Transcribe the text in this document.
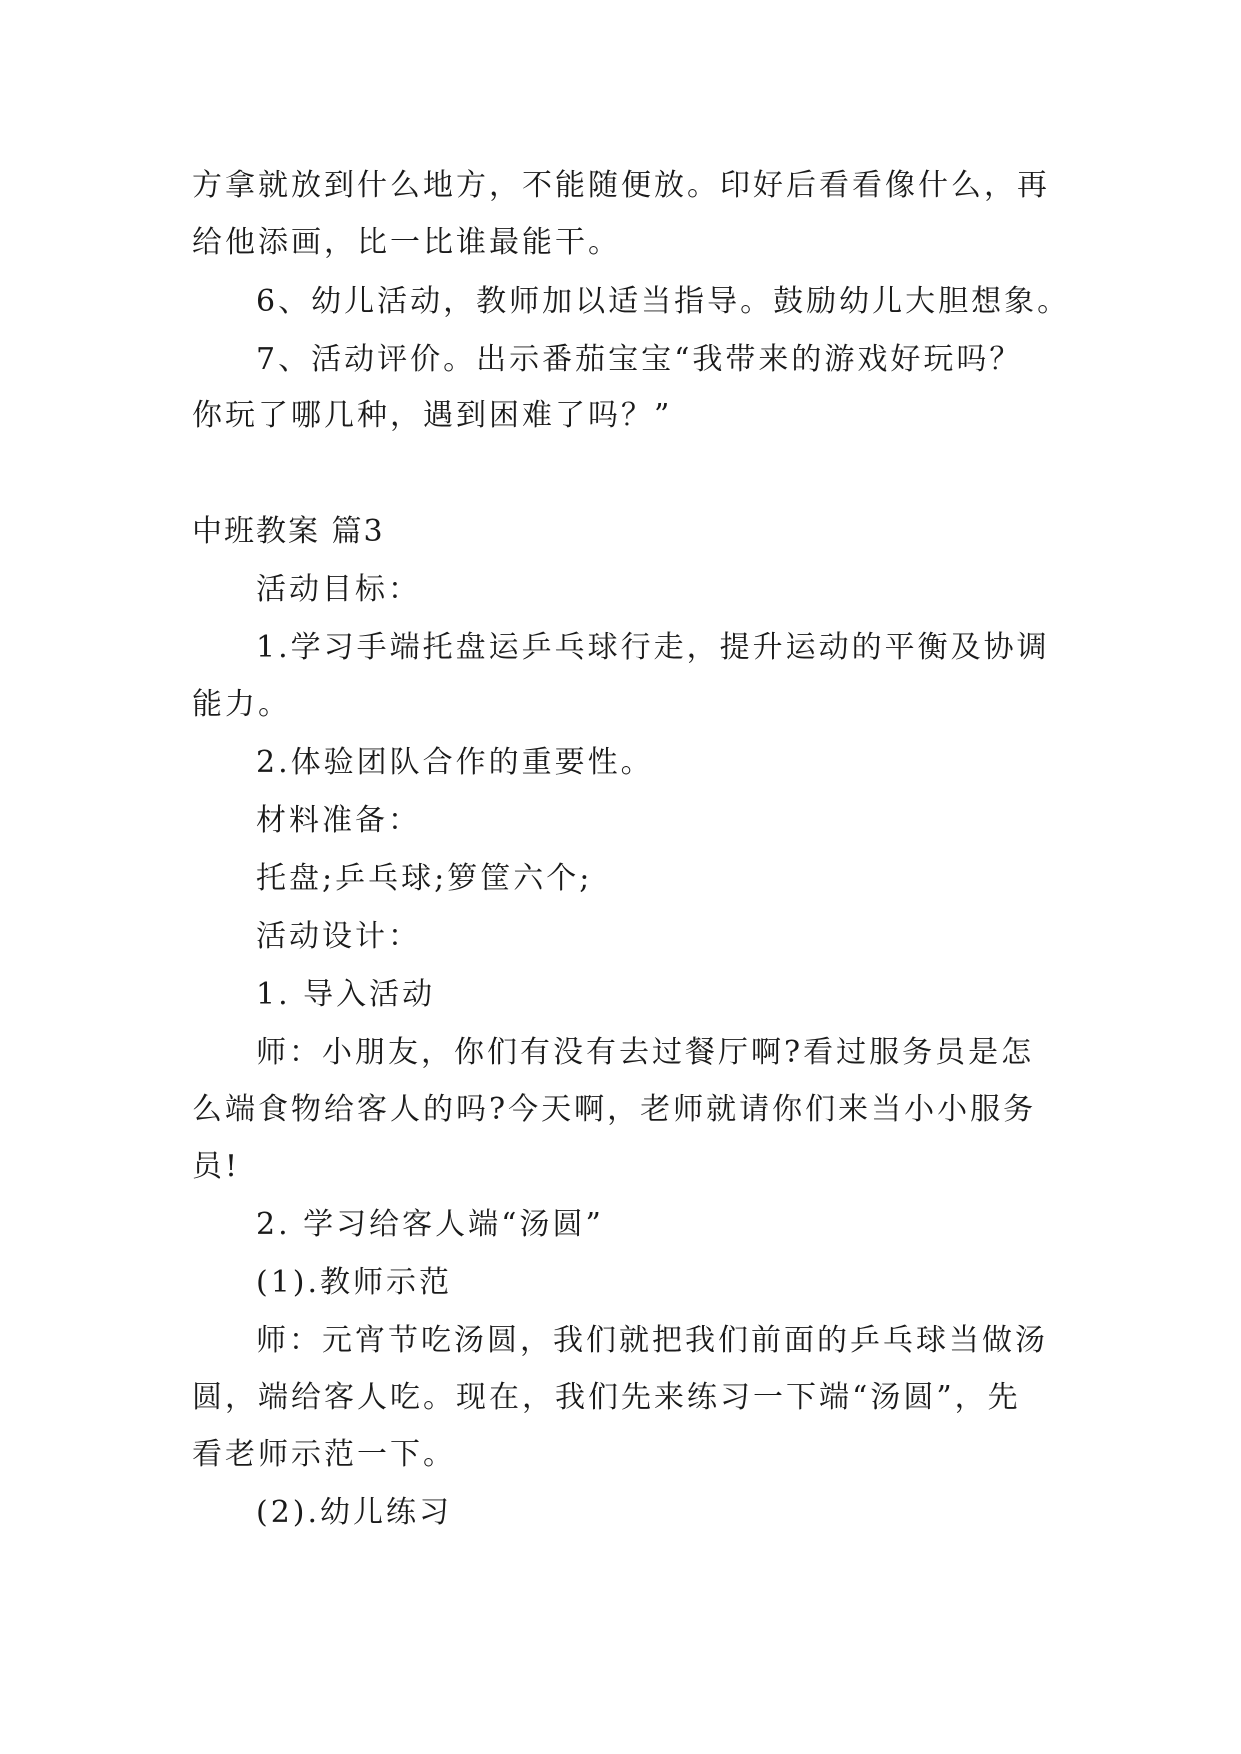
方拿就放到什么地方，不能随便放。印好后看看像什么，再
给他添画，比一比谁最能干。
6、幼儿活动，教师加以适当指导。鼓励幼儿大胆想象。
7、活动评价。出示番茄宝宝“我带来的游戏好玩吗？
你玩了哪几种，遇到困难了吗？”
中班教案 篇3
活动目标：
1.学习手端托盘运乒乓球行走，提升运动的平衡及协调
能力。
2.体验团队合作的重要性。
材料准备：
托盘;乒乓球;箩筐六个;
活动设计：
1. 导入活动
师：小朋友，你们有没有去过餐厅啊?看过服务员是怎
么端食物给客人的吗?今天啊，老师就请你们来当小小服务
员!
2. 学习给客人端“汤圆”
(1).教师示范
师：元宵节吃汤圆，我们就把我们前面的乒乓球当做汤
圆，端给客人吃。现在，我们先来练习一下端“汤圆”，先
看老师示范一下。
(2).幼儿练习
